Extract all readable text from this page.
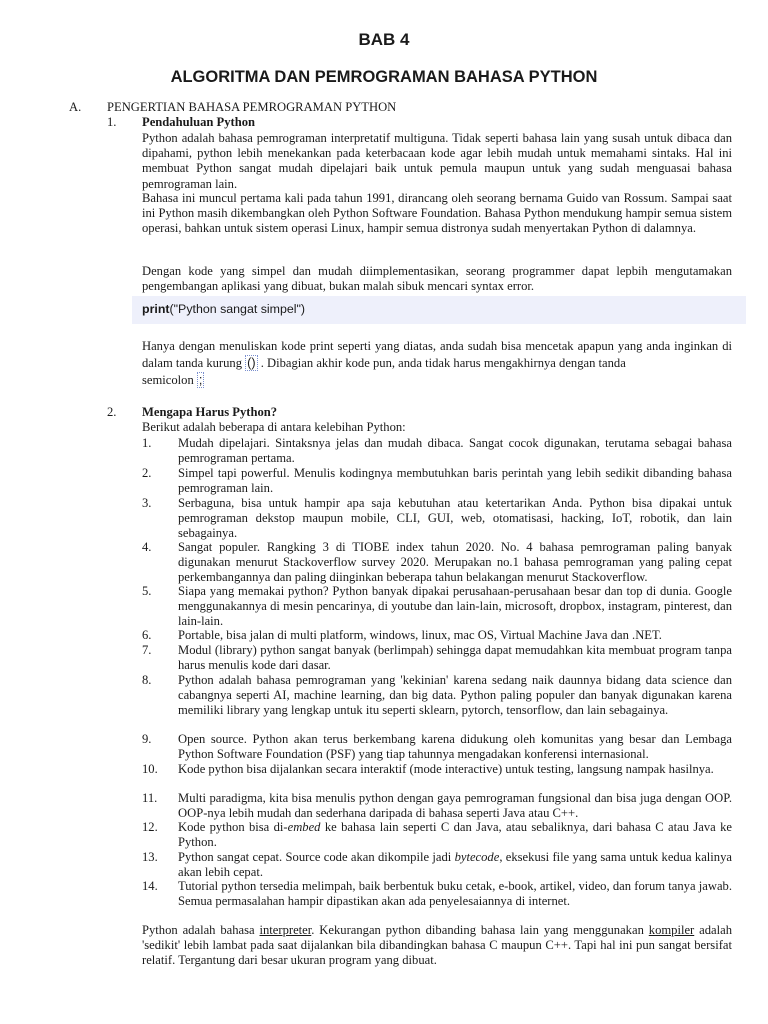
BAB 4
ALGORITMA DAN PEMROGRAMAN BAHASA PYTHON
A. PENGERTIAN BAHASA PEMROGRAMAN PYTHON
1. Pendahuluan Python

Python adalah bahasa pemrograman interpretatif multiguna. Tidak seperti bahasa lain yang susah untuk dibaca dan dipahami, python lebih menekankan pada keterbacaan kode agar lebih mudah untuk memahami sintaks. Hal ini membuat Python sangat mudah dipelajari baik untuk pemula maupun untuk yang sudah menguasai bahasa pemrograman lain.

Bahasa ini muncul pertama kali pada tahun 1991, dirancang oleh seorang bernama Guido van Rossum. Sampai saat ini Python masih dikembangkan oleh Python Software Foundation. Bahasa Python mendukung hampir semua sistem operasi, bahkan untuk sistem operasi Linux, hampir semua distronya sudah menyertakan Python di dalamnya.

Dengan kode yang simpel dan mudah diimplementasikan, seorang programmer dapat lepbih mengutamakan pengembangan aplikasi yang dibuat, bukan malah sibuk mencari syntax error.

print("Python sangat simpel")

Hanya dengan menuliskan kode print seperti yang diatas, anda sudah bisa mencetak apapun yang anda inginkan di dalam tanda kurung () . Dibagian akhir kode pun, anda tidak harus mengakhirnya dengan tanda
semicolon ;

2. Mengapa Harus Python?
Berikut adalah beberapa di antara kelebihan Python:
1.	Mudah dipelajari. Sintaksnya jelas dan mudah dibaca. Sangat cocok digunakan, terutama sebagai bahasa pemrograman pertama.
2.	Simpel tapi powerful. Menulis kodingnya membutuhkan baris perintah yang lebih sedikit dibanding bahasa pemrograman lain.
3.	Serbaguna, bisa untuk hampir apa saja kebutuhan atau ketertarikan Anda. Python bisa dipakai untuk pemrograman dekstop maupun mobile, CLI, GUI, web, otomatisasi, hacking, IoT, robotik, dan lain sebagainya.
4.	Sangat populer. Rangking 3 di TIOBE index tahun 2020. No. 4 bahasa pemrograman paling banyak digunakan menurut Stackoverflow survey 2020. Merupakan no.1 bahasa pemrograman yang paling cepat perkembangannya dan paling diinginkan beberapa tahun belakangan menurut Stackoverflow.
5.	Siapa yang memakai python? Python banyak dipakai perusahaan-perusahaan besar dan top di dunia. Google menggunakannya di mesin pencarinya, di youtube dan lain-lain, microsoft, dropbox, instagram, pinterest, dan lain-lain.
6.	Portable, bisa jalan di multi platform, windows, linux, mac OS, Virtual Machine Java dan .NET.
7.	Modul (library) python sangat banyak (berlimpah) sehingga dapat memudahkan kita membuat program tanpa harus menulis kode dari dasar.
8.	Python adalah bahasa pemrograman yang 'kekinian' karena sedang naik daunnya bidang data science dan cabangnya seperti AI, machine learning, dan big data. Python paling populer dan banyak digunakan karena memiliki library yang lengkap untuk itu seperti sklearn, pytorch, tensorflow, dan lain sebagainya.
9.	Open source. Python akan terus berkembang karena didukung oleh komunitas yang besar dan Lembaga Python Software Foundation (PSF) yang tiap tahunnya mengadakan konferensi internasional.
10.	Kode python bisa dijalankan secara interaktif (mode interactive) untuk testing, langsung nampak hasilnya.
11.	Multi paradigma, kita bisa menulis python dengan gaya pemrograman fungsional dan bisa juga dengan OOP. OOP-nya lebih mudah dan sederhana daripada di bahasa seperti Java atau C++.
12.	Kode python bisa di-embed ke bahasa lain seperti C dan Java, atau sebaliknya, dari bahasa C atau Java ke Python.
13.	Python sangat cepat. Source code akan dikompile jadi bytecode, eksekusi file yang sama untuk kedua kalinya akan lebih cepat.
14.	Tutorial python tersedia melimpah, baik berbentuk buku cetak, e-book, artikel, video, dan forum tanya jawab. Semua permasalahan hampir dipastikan akan ada penyelesaiannya di internet.

Python adalah bahasa interpreter. Kekurangan python dibanding bahasa lain yang menggunakan kompiler adalah 'sedikit' lebih lambat pada saat dijalankan bila dibandingkan bahasa C maupun C++. Tapi hal ini pun sangat bersifat relatif. Tergantung dari besar ukuran program yang dibuat.
